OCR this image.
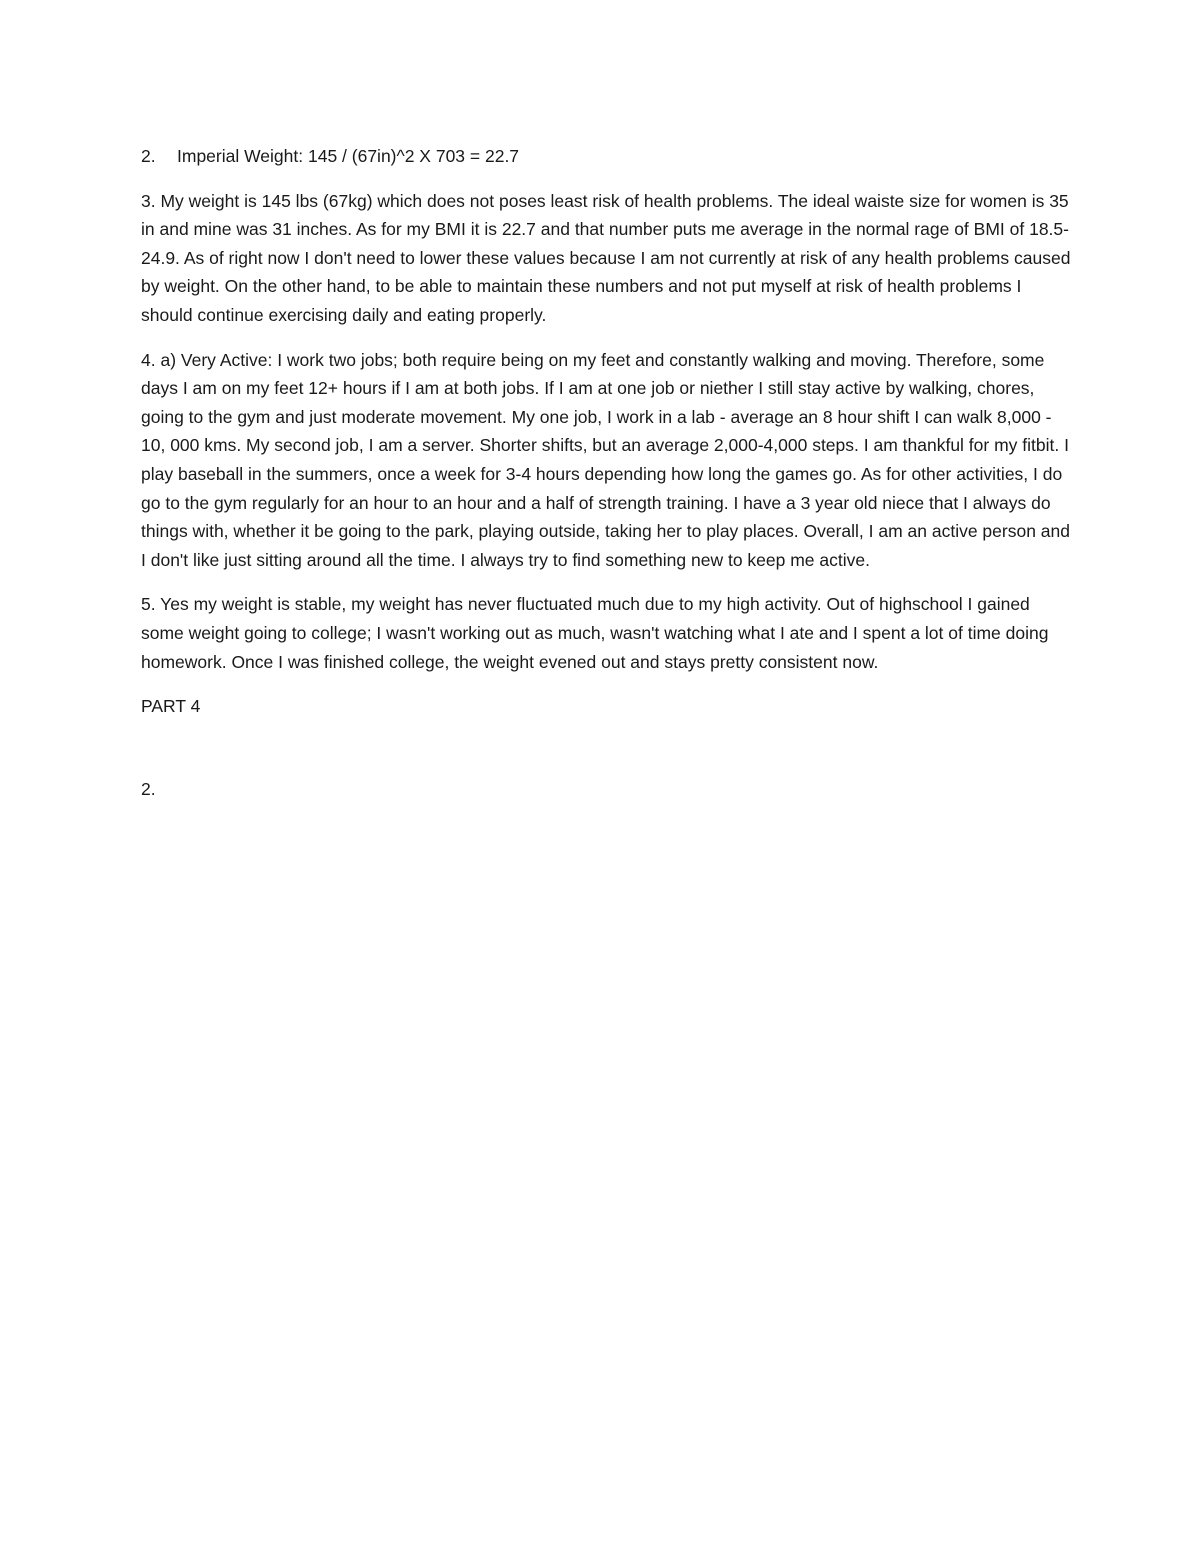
2. Imperial Weight: 145 / (67in)^2 X 703 = 22.7

3. My weight is 145 lbs (67kg) which does not poses least risk of health problems. The ideal waiste size for women is 35 in and mine was 31 inches. As for my BMI it is 22.7 and that number puts me average in the normal rage of BMI of 18.5-24.9. As of right now I don't need to lower these values because I am not currently at risk of any health problems caused by weight. On the other hand, to be able to maintain these numbers and not put myself at risk of health problems I should continue exercising daily and eating properly.

4. a) Very Active: I work two jobs; both require being on my feet and constantly walking and moving. Therefore, some days I am on my feet 12+ hours if I am at both jobs. If I am at one job or niether I still stay active by walking, chores, going to the gym and just moderate movement. My one job, I work in a lab - average an 8 hour shift I can walk 8,000 - 10, 000 kms. My second job, I am a server. Shorter shifts, but an average 2,000-4,000 steps. I am thankful for my fitbit. I play baseball in the summers, once a week for 3-4 hours depending how long the games go. As for other activities, I do go to the gym regularly for an hour to an hour and a half of strength training. I have a 3 year old niece that I always do things with, whether it be going to the park, playing outside, taking her to play places. Overall, I am an active person and I don't like just sitting around all the time. I always try to find something new to keep me active.

5. Yes my weight is stable, my weight has never fluctuated much due to my high activity. Out of highschool I gained some weight going to college; I wasn't working out as much, wasn't watching what I ate and I spent a lot of time doing homework. Once I was finished college, the weight evened out and stays pretty consistent now.

PART 4

2.
